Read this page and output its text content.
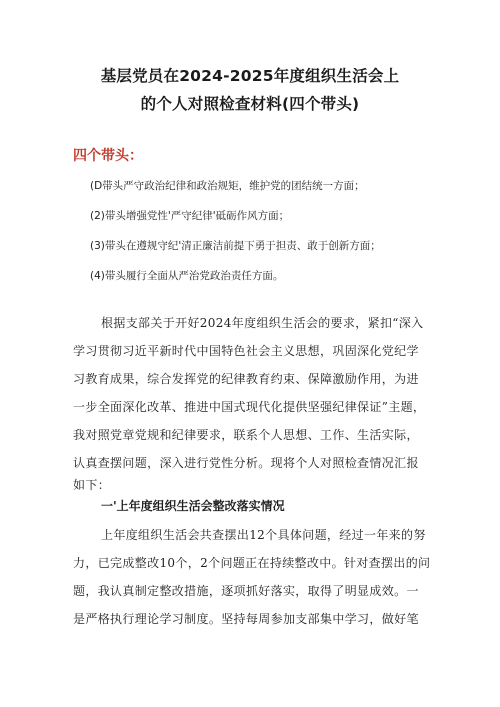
基层党员在2024-2025年度组织生活会上
的个人对照检查材料(四个带头)
四个带头：

(D带头严守政治纪律和政治规矩，维护党的团结统一方面；

(2)带头增强党性'严守纪律'砥砺作风方面；

(3)带头在遵规守纪'清正廉洁前提下勇于担责、敢于创新方面；

(4)带头履行全面从严治党政治责任方面。

根据支部关于开好2024年度组织生活会的要求，紧扣“深入

学习贯彻习近平新时代中国特色社会主义思想，巩固深化党纪学

习教育成果，综合发挥党的纪律教育约束、保障激励作用，为进

一步全面深化改革、推进中国式现代化提供坚强纪律保证”主题，

我对照党章党规和纪律要求，联系个人思想、工作、生活实际，

认真查摆问题，深入进行党性分析。现将个人对照检查情况汇报

如下：

一'上年度组织生活会整改落实情况

上年度组织生活会共查摆出12个具体问题，经过一年来的努

力，已完成整改10个，2个问题正在持续整改中。针对查摆出的问

题，我认真制定整改措施，逐项抓好落实，取得了明显成效。一

是严格执行理论学习制度。坚持每周参加支部集中学习，做好笔
